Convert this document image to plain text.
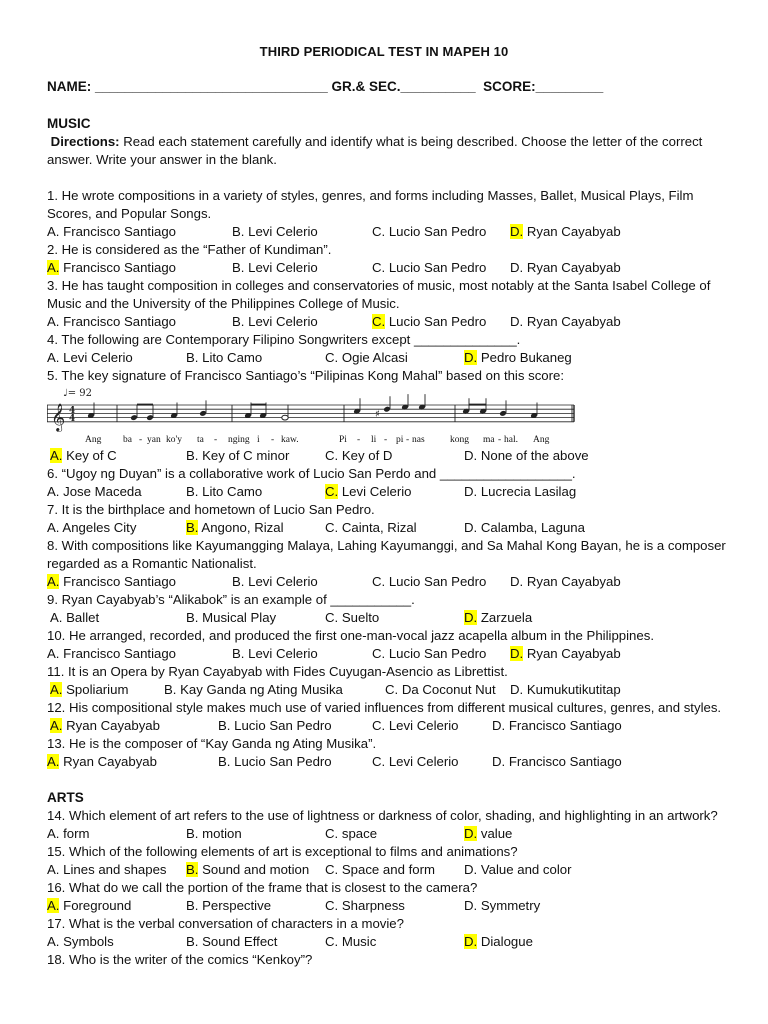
THIRD PERIODICAL TEST IN MAPEH 10
NAME: _______________________________ GR.& SEC.__________ SCORE:_________
MUSIC
Directions: Read each statement carefully and identify what is being described. Choose the letter of the correct answer. Write your answer in the blank.
1. He wrote compositions in a variety of styles, genres, and forms including Masses, Ballet, Musical Plays, Film Scores, and Popular Songs.
A. Francisco Santiago	B. Levi Celerio	C. Lucio San Pedro D. Ryan Cayabyab
2. He is considered as the “Father of Kundiman”.
A. Francisco Santiago	B. Levi Celerio	C. Lucio San Pedro D. Ryan Cayabyab
3. He has taught composition in colleges and conservatories of music, most notably at the Santa Isabel College of Music and the University of the Philippines College of Music.
A. Francisco Santiago	B. Levi Celerio	C. Lucio San Pedro D. Ryan Cayabyab
4. The following are Contemporary Filipino Songwriters except ______________.
A. Levi Celerio	B. Lito Camo	C. Ogie Alcasi	D. Pedro Bukaneg
5. The key signature of Francisco Santiago’s “Pilipinas Kong Mahal” based on this score:
𝄞 4
4
♩= 92
♯
Ang ba - yan ko'y ta - nging i - kaw.	Pi - li - pi - nas	kong ma - hal. Ang
A. Key of C	B. Key of C minor	C. Key of D	D. None of the above
6. “Ugoy ng Duyan” is a collaborative work of Lucio San Perdo and __________________.
A. Jose Maceda	B. Lito Camo	C. Levi Celerio	D. Lucrecia Lasilag
7. It is the birthplace and hometown of Lucio San Pedro.
A. Angeles City	B. Angono, Rizal	C. Cainta, Rizal	D. Calamba, Laguna
8. With compositions like Kayumangging Malaya, Lahing Kayumanggi, and Sa Mahal Kong Bayan, he is a composer regarded as a Romantic Nationalist.
A. Francisco Santiago	B. Levi Celerio	C. Lucio San Pedro D. Ryan Cayabyab
9. Ryan Cayabyab’s “Alikabok” is an example of ___________.
A. Ballet	B. Musical Play	C. Suelto	D. Zarzuela
10. He arranged, recorded, and produced the first one-man-vocal jazz acapella album in the Philippines.
A. Francisco Santiago	B. Levi Celerio	C. Lucio San Pedro D. Ryan Cayabyab
11. It is an Opera by Ryan Cayabyab with Fides Cuyugan-Asencio as Librettist.
A. Spoliarium	B. Kay Ganda ng Ating Musika	C. Da Coconut Nut D. Kumukutikutitap
12. His compositional style makes much use of varied influences from different musical cultures, genres, and styles.
A. Ryan Cayabyab	B. Lucio San Pedro	C. Levi Celerio	D. Francisco Santiago
13. He is the composer of “Kay Ganda ng Ating Musika”.
A. Ryan Cayabyab	B. Lucio San Pedro	C. Levi Celerio	D. Francisco Santiago
ARTS
14. Which element of art refers to the use of lightness or darkness of color, shading, and highlighting in an artwork?
A. form	B. motion	C. space	D. value
15. Which of the following elements of art is exceptional to films and animations?
A. Lines and shapes B. Sound and motion C. Space and form D. Value and color
16. What do we call the portion of the frame that is closest to the camera?
A. Foreground	B. Perspective	C. Sharpness	D. Symmetry
17. What is the verbal conversation of characters in a movie?
A. Symbols	B. Sound Effect	C. Music	D. Dialogue
18. Who is the writer of the comics “Kenkoy”?
